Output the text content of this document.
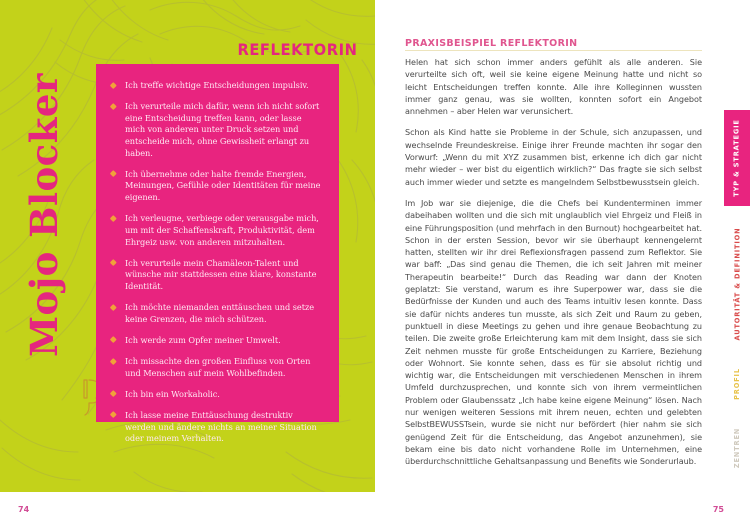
REFLEKTORIN
Mojo Blocker	Ich treffe wichtige Entscheidungen impulsiv.
Ich verurteile mich dafür, wenn ich nicht sofort eine Entscheidung treffen kann, oder lasse mich von anderen unter Druck setzen und entscheide mich, ohne Gewissheit erlangt zu haben.
Ich übernehme oder halte fremde Energien, Meinungen, Gefühle oder Identitäten für meine eigenen.
Ich verleugne, verbiege oder verausgabe mich, um mit der Schaffenskraft, Produktivität, dem Ehrgeiz usw. von anderen mitzuhalten.
Ich verurteile mein Chamäleon-Talent und wünsche mir stattdessen eine klare, konstante Identität.
Ich möchte niemanden enttäuschen und setze keine Grenzen, die mich schützen.
Ich werde zum Opfer meiner Umwelt.
Ich missachte den großen Einfluss von Orten und Menschen auf mein Wohlbefinden.
Ich bin ein Workaholic.
Ich lasse meine Enttäuschung destruktiv werden und ändere nichts an meiner Situation oder meinem Verhalten.
74
PRAXISBEISPIEL REFLEKTORIN

Helen hat sich schon immer anders gefühlt als alle anderen. Sie verurteilte sich oft, weil sie keine eigene Meinung hatte und nicht so leicht Entscheidungen treffen konnte. Alle ihre Kolleginnen wussten immer ganz genau, was sie wollten, konnten sofort ein Angebot annehmen – aber Helen war verunsichert.

Schon als Kind hatte sie Probleme in der Schule, sich anzupassen, und wechselnde Freundeskreise. Einige ihrer Freunde machten ihr sogar den Vorwurf: „Wenn du mit XYZ zusammen bist, erkenne ich dich gar nicht mehr wieder – wer bist du eigentlich wirklich?“ Das fragte sie sich selbst auch immer wieder und setzte es mangelndem Selbstbewusstsein gleich.

Im Job war sie diejenige, die die Chefs bei Kundenterminen immer dabeihaben wollten und die sich mit unglaublich viel Ehrgeiz und Fleiß in eine Führungsposition (und mehrfach in den Burnout) hochgearbeitet hat. Schon in der ersten Session, bevor wir sie überhaupt kennengelernt hatten, stellten wir ihr drei Reflexionsfragen passend zum Reflektor. Sie war baff: „Das sind genau die Themen, die ich seit Jahren mit meiner Therapeutin bearbeite!“ Durch das Reading war dann der Knoten geplatzt: Sie verstand, warum es ihre Superpower war, dass sie die Bedürfnisse der Kunden und auch des Teams intuitiv lesen konnte. Dass sie dafür nichts anderes tun musste, als sich Zeit und Raum zu geben, punktuell in diese Meetings zu gehen und ihre genaue Beobachtung zu teilen. Die zweite große Erleichterung kam mit dem Insight, dass sie sich Zeit nehmen musste für große Entscheidungen zu Karriere, Beziehung oder Wohnort. Sie konnte sehen, dass es für sie absolut richtig und wichtig war, die Entscheidungen mit verschiedenen Menschen in ihrem Umfeld durchzusprechen, und konnte sich von ihrem vermeintlichen Problem oder Glaubenssatz „Ich habe keine eigene Meinung“ lösen. Nach nur wenigen weiteren Sessions mit ihrem neuen, echten und gelebten SelbstBEWUSSTsein, wurde sie nicht nur befördert (hier nahm sie sich genügend Zeit für die Entscheidung, das Angebot anzunehmen), sie bekam eine bis dato nicht vorhandene Rolle im Unternehmen, eine überdurchschnittliche Gehaltsanpassung und Benefits wie Sonderurlaub.

75
TYP & STRATEGIE
AUTORITÄT & DEFINITION
PROFIL
ZENTREN
